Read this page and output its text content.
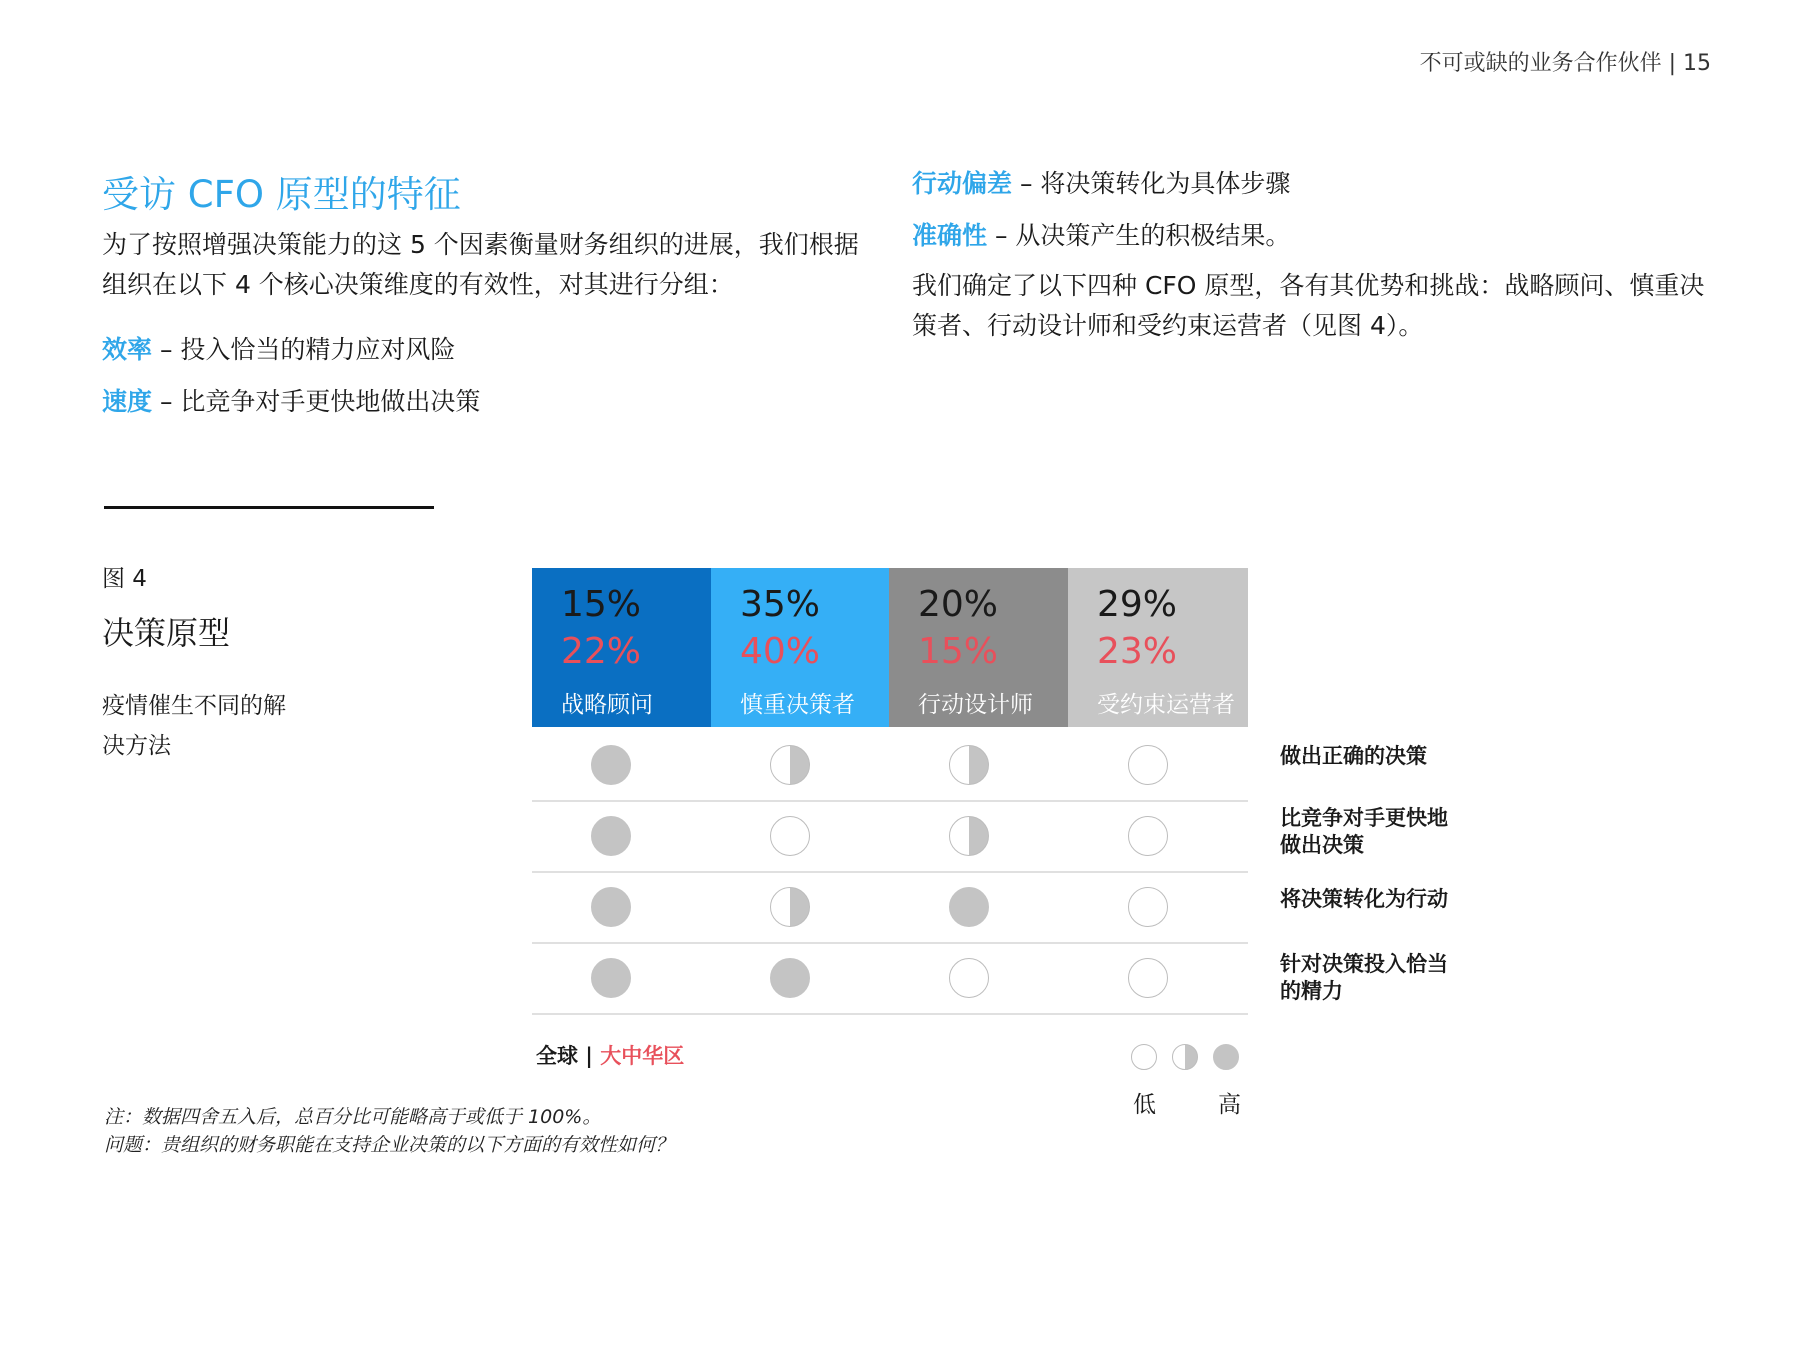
不可或缺的业务合作伙伴 | 15
受访 CFO 原型的特征
为了按照增强决策能力的这 5 个因素衡量财务组织的进展，我们根据组织在以下 4 个核心决策维度的有效性，对其进行分组：
效率 – 投入恰当的精力应对风险
速度 – 比竞争对手更快地做出决策
行动偏差 – 将决策转化为具体步骤
准确性 – 从决策产生的积极结果。
我们确定了以下四种 CFO 原型，各有其优势和挑战：战略顾问、慎重决策者、行动设计师和受约束运营者（见图 4）。
图 4
决策原型
疫情催生不同的解决方法
15%
22%
战略顾问
35%
40%
慎重决策者
20%
15%
行动设计师
29%
23%
受约束运营者
做出正确的决策
比竞争对手更快地
做出决策
将决策转化为行动
针对决策投入恰当
的精力
全球 | 大中华区
低	高
注：数据四舍五入后，总百分比可能略高于或低于 100%。
问题：贵组织的财务职能在支持企业决策的以下方面的有效性如何？
